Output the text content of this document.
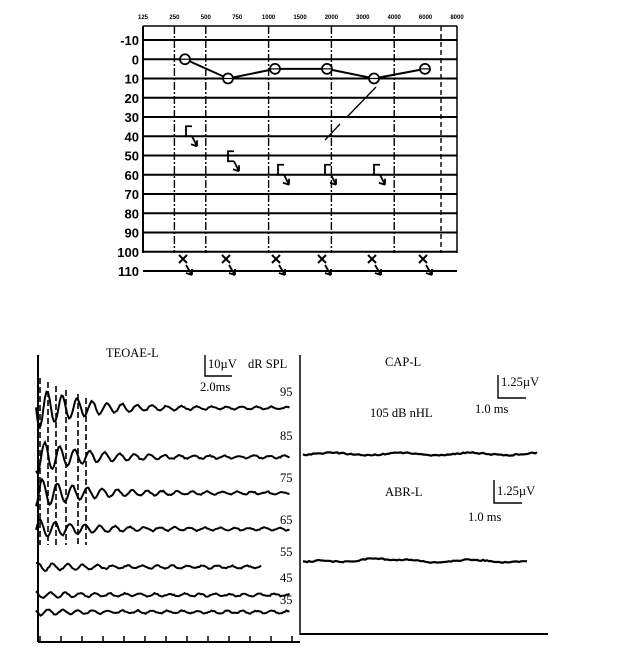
125	250	500	750	1000	1500	2000	3000	4000	6000	8000
-10
0
10
20
30
40
50
60
70
80
90
100
110
95
85
75
65
55
45
35
TEOAE-L
10µV
2.0ms
dR SPL	CAP-L
1.25µV
1.0 ms
105 dB nHL
ABR-L	1.25µV
1.0 ms
